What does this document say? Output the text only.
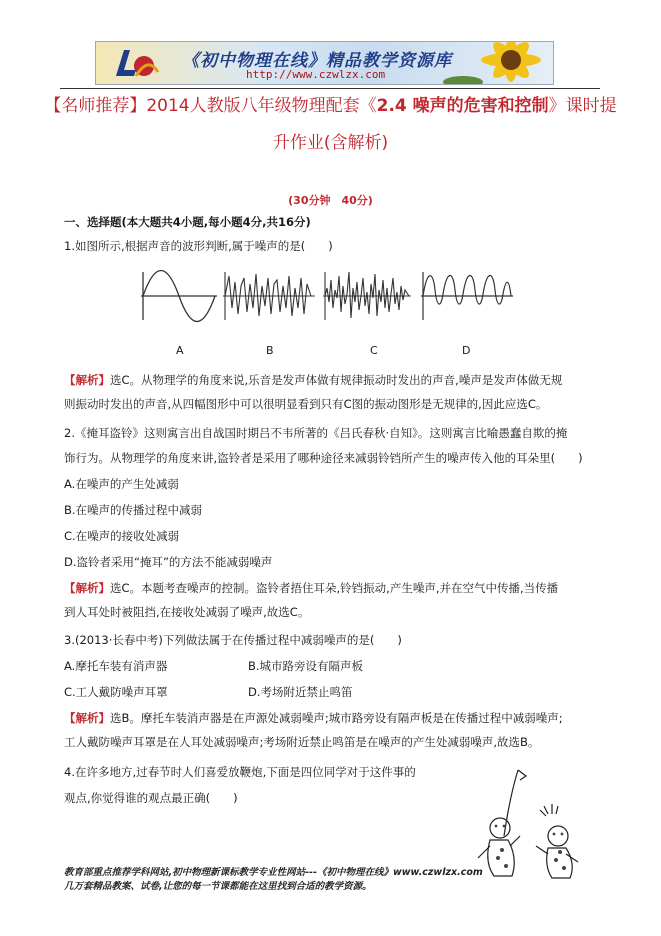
《初中物理在线》精品教学资源库
http://www.czwlzx.com
【名师推荐】2014人教版八年级物理配套《2.4 噪声的危害和控制》课时提
升作业(含解析)
(30分钟　40分)
一、选择题(本大题共4小题,每小题4分,共16分)
1.如图所示,根据声音的波形判断,属于噪声的是(　　)
A	B	C	D
【解析】选C。从物理学的角度来说,乐音是发声体做有规律振动时发出的声音,噪声是发声体做无规
则振动时发出的声音,从四幅图形中可以很明显看到只有C图的振动图形是无规律的,因此应选C。
2.《掩耳盗铃》这则寓言出自战国时期吕不韦所著的《吕氏春秋·自知》。这则寓言比喻愚蠢自欺的掩
饰行为。从物理学的角度来讲,盗铃者是采用了哪种途径来减弱铃铛所产生的噪声传入他的耳朵里(　　)
A.在噪声的产生处减弱
B.在噪声的传播过程中减弱
C.在噪声的接收处减弱
D.盗铃者采用“掩耳”的方法不能减弱噪声
【解析】选C。本题考查噪声的控制。盗铃者捂住耳朵,铃铛振动,产生噪声,并在空气中传播,当传播
到人耳处时被阻挡,在接收处减弱了噪声,故选C。
3.(2013·长春中考)下列做法属于在传播过程中减弱噪声的是(　　)
A.摩托车装有消声器	B.城市路旁设有隔声板
C.工人戴防噪声耳罩	D.考场附近禁止鸣笛
【解析】选B。摩托车装消声器是在声源处减弱噪声;城市路旁设有隔声板是在传播过程中减弱噪声;
工人戴防噪声耳罩是在人耳处减弱噪声;考场附近禁止鸣笛是在噪声的产生处减弱噪声,故选B。
4.在许多地方,过春节时人们喜爱放鞭炮,下面是四位同学对于这件事的
观点,你觉得谁的观点最正确(　　)
教育部重点推荐学科网站,初中物理新课标教学专业性网站---《初中物理在线》www.czwlzx.com
几万套精品教案、试卷,让您的每一节课都能在这里找到合适的教学资源。
